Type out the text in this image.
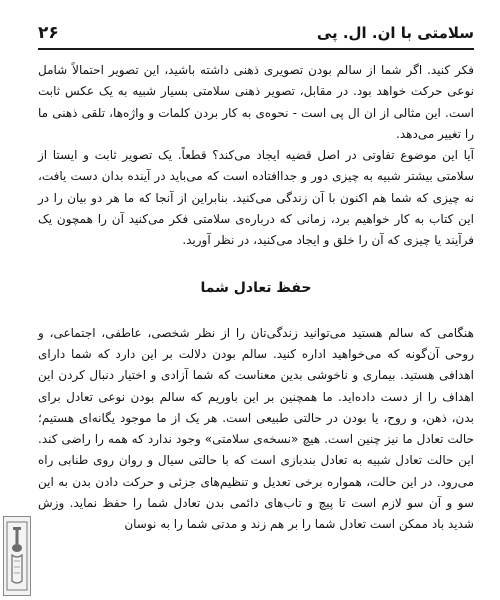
سلامتی با ان. ال. پی
۲۶

فکر کنید. اگر شما از سالم بودن تصویری ذهنی داشته باشید، این تصویر احتمالاً شامل نوعی حرکت خواهد بود. در مقابل، تصویر ذهنی سلامتی بسیار شبیه به یک عکس ثابت است. این مثالی از ان ال پی است - نحوه‌ی به کار بردن کلمات و واژه‌ها، تلقی ذهنی ما را تغییر می‌دهد.

آیا این موضوع تفاوتی در اصل قضیه ایجاد می‌کند؟ قطعاً. یک تصویر ثابت و ایستا از سلامتی بیشتر شبیه به چیزی دور و جداافتاده است که می‌باید در آینده بدان دست یافت، نه چیزی که شما هم اکنون با آن زندگی می‌کنید. بنابراین از آنجا که ما هر دو بیان را در این کتاب به کار خواهیم برد، زمانی که درباره‌ی سلامتی فکر می‌کنید آن را همچون یک فرآیند یا چیزی که آن را خلق و ایجاد می‌کنید، در نظر آورید.

حفظ تعادل شما

هنگامی که سالم هستید می‌توانید زندگی‌تان را از نظر شخصی، عاطفی، اجتماعی، و روحی آن‌گونه که می‌خواهید اداره کنید. سالم بودن دلالت بر این دارد که شما دارای اهدافی هستید. بیماری و ناخوشی بدین معناست که شما آزادی و اختیار دنبال کردن این اهداف را از دست داده‌اید. ما همچنین بر این باوریم که سالم بودن نوعی تعادل برای بدن، ذهن، و روح، یا بودن در حالتی طبیعی است. هر یک از ما موجود یگانه‌ای هستیم؛ حالت تعادل ما نیز چنین است. هیچ «نسخه‌ی سلامتی» وجود ندارد که همه را راضی کند. این حالت تعادل شبیه به تعادل بندبازی است که با حالتی سیال و روان روی طنابی راه می‌رود. در این حالت، همواره برخی تعدیل و تنظیم‌های جزئی و حرکت دادن بدن به این سو و آن سو لازم است تا پیچ و تاب‌های دائمی بدن تعادل شما را حفظ نماید. وزش شدید باد ممکن است تعادل شما را بر هم زند و مدتی شما را به نوسان
